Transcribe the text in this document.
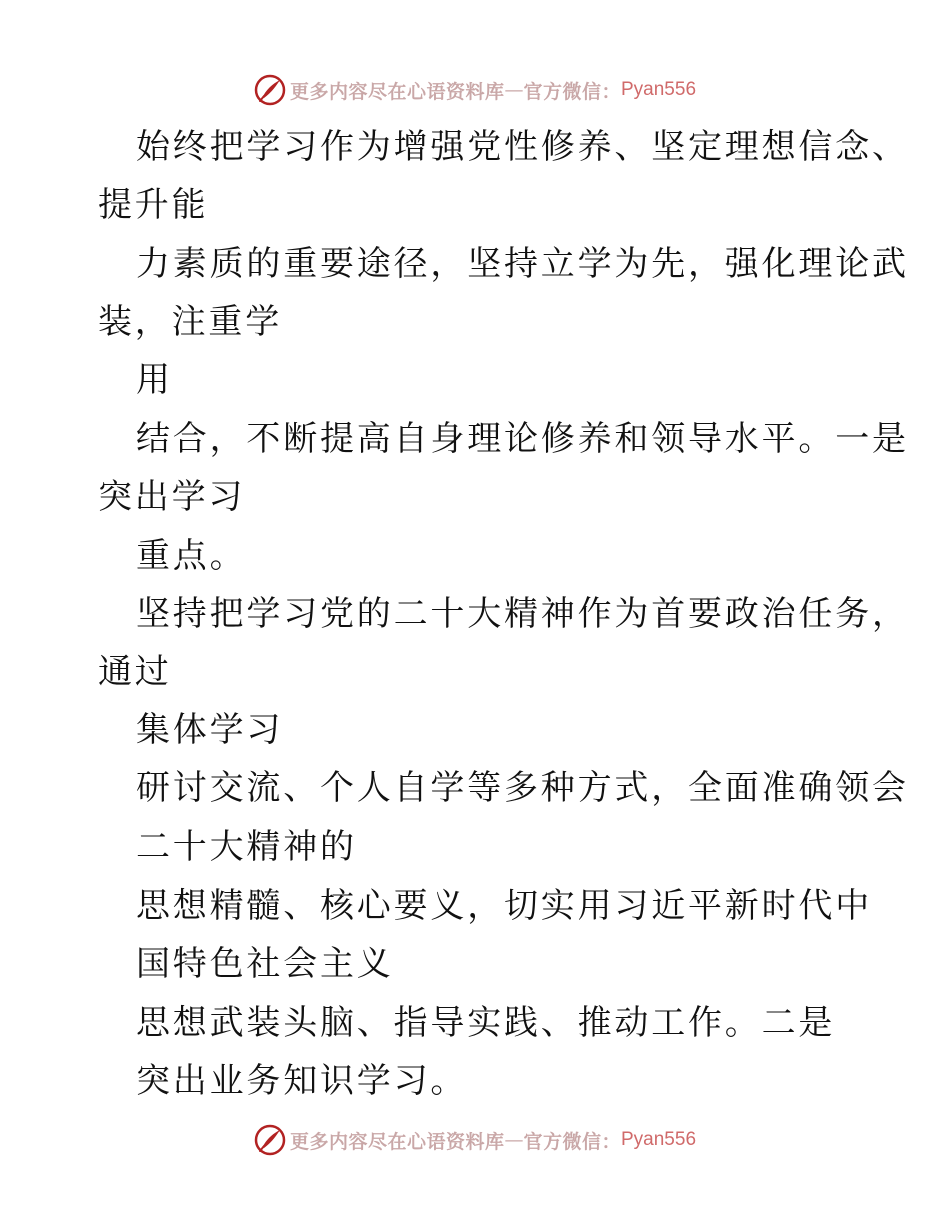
更多内容尽在心语资料库 — 官方微信： Pyan556
始终把学习作为增强党性修养、坚定理想信念、
提升能
力素质的重要途径，坚持立学为先，强化理论武
装，注重学
用
结合，不断提高自身理论修养和领导水平。一是
突出学习
重点。
坚持把学习党的二十大精神作为首要政治任务，
通过
集体学习
研讨交流、个人自学等多种方式，全面准确领会
二十大精神的
思想精髓、核心要义，切实用习近平新时代中
国特色社会主义
思想武装头脑、指导实践、推动工作。二是
突出业务知识学习。
更多内容尽在心语资料库 — 官方微信： Pyan556
